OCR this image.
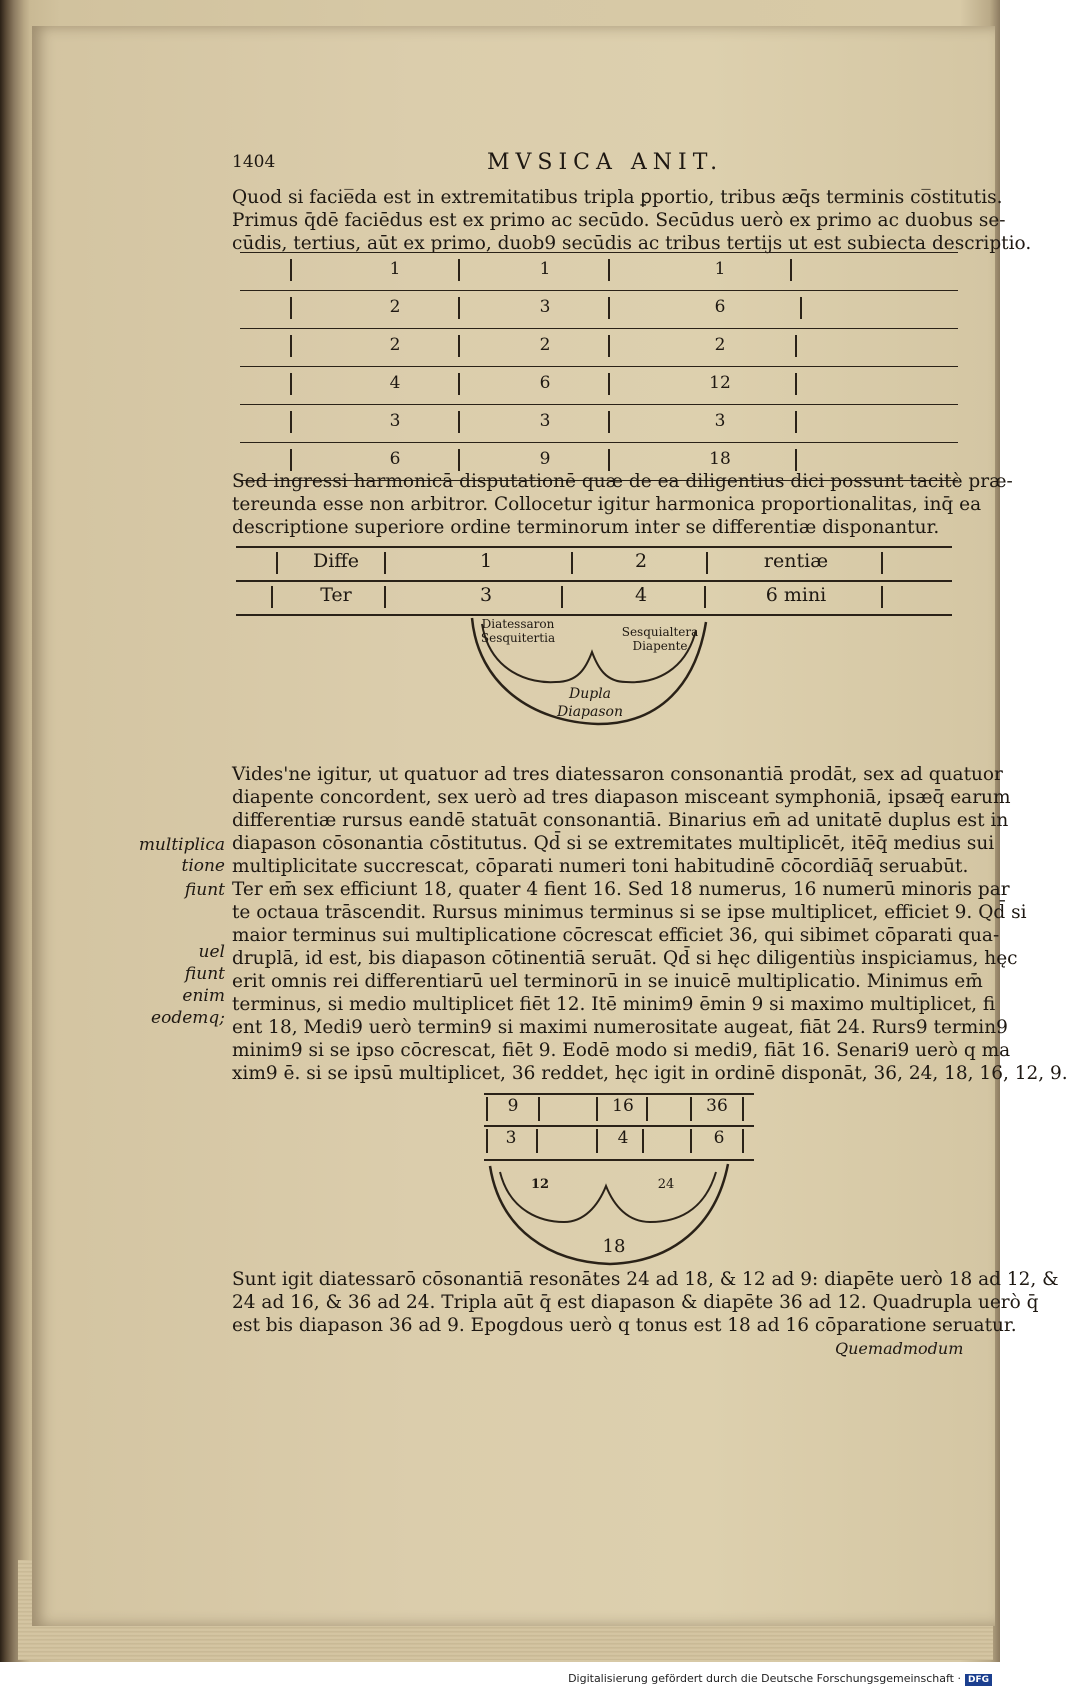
1404	MVSICA ANIT.
Quod si facie̅da est in extremitatibus tripla ꝑportio, tribus æq̄s terminis co̅stitutis.
Primus q̄dē faciēdus est ex primo ac secūdo. Secūdus uerò ex primo ac duobus se-
cūdis, tertius, aūt ex primo, duob9 secūdis ac tribus tertijs ut est subiecta descriptio.
1	1	1
2	3	6
2	2	2
4	6	12
3	3	3
6	9	18
Sed ingressi harmonicā disputationē quæ de ea diligentius dici possunt tacitè præ-
tereunda esse non arbitror. Collocetur igitur harmonica proportionalitas, inq̄ ea
descriptione superiore ordine terminorum inter se differentiæ disponantur.
Diffe	1	2	rentiæ
Ter	3	4	6 mini
Diatessaron
Sesquitertia	Sesquialtera
Diapente
Dupla
Diapason
Vides'ne igitur, ut quatuor ad tres diatessaron consonantiā prodāt, sex ad quatuor
diapente concordent, sex uerò ad tres diapason misceant symphoniā, ipsæq̄ earum
differentiæ rursus eandē statuāt consonantiā. Binarius em̄ ad unitatē duplus est in
diapason cōsonantia cōstitutus. Qd̄ si se extremitates multiplicēt, itēq̄ medius sui
multiplicitate succrescat, cōparati numeri toni habitudinē cōcordiāq̄ seruabūt.
Ter em̄ sex efficiunt 18, quater 4 fient 16. Sed 18 numerus, 16 numerū minoris par
te octaua trāscendit. Rursus minimus terminus si se ipse multiplicet, efficiet 9. Qd̄ si
maior terminus sui multiplicatione cōcrescat efficiet 36, qui sibimet cōparati qua-
druplā, id est, bis diapason cōtinentiā seruāt. Qd̄ si hęc diligentiùs inspiciamus, hęc
erit omnis rei differentiarū uel terminorū in se inuicē multiplicatio. Minimus em̄
terminus, si medio multiplicet fiēt 12. Itē minim9 ēmin 9 si maximo multiplicet, fi
ent 18, Medi9 uerò termin9 si maximi numerositate augeat, fiāt 24. Rurs9 termin9
minim9 si se ipso cōcrescat, fiēt 9. Eodē modo si medi9, fiāt 16. Senari9 uerò q ma
xim9 ē. si se ipsū multiplicet, 36 reddet, hęc igit in ordinē disponāt, 36, 24, 18, 16, 12, 9.
multiplica tione
fiunt
uel
fiunt
enim
eodemq;
9	16	36
3	4	6
12	24
18
Sunt igit diatessarō cōsonantiā resonātes 24 ad 18, & 12 ad 9: diapēte uerò 18 ad 12, &
24 ad 16, & 36 ad 24. Tripla aūt q̄ est diapason & diapēte 36 ad 12. Quadrupla uerò q̄
est bis diapason 36 ad 9. Epogdous uerò q tonus est 18 ad 16 cōparatione seruatur.
Quemadmodum
Digitalisierung gefördert durch die Deutsche Forschungsgemeinschaft · DFG
